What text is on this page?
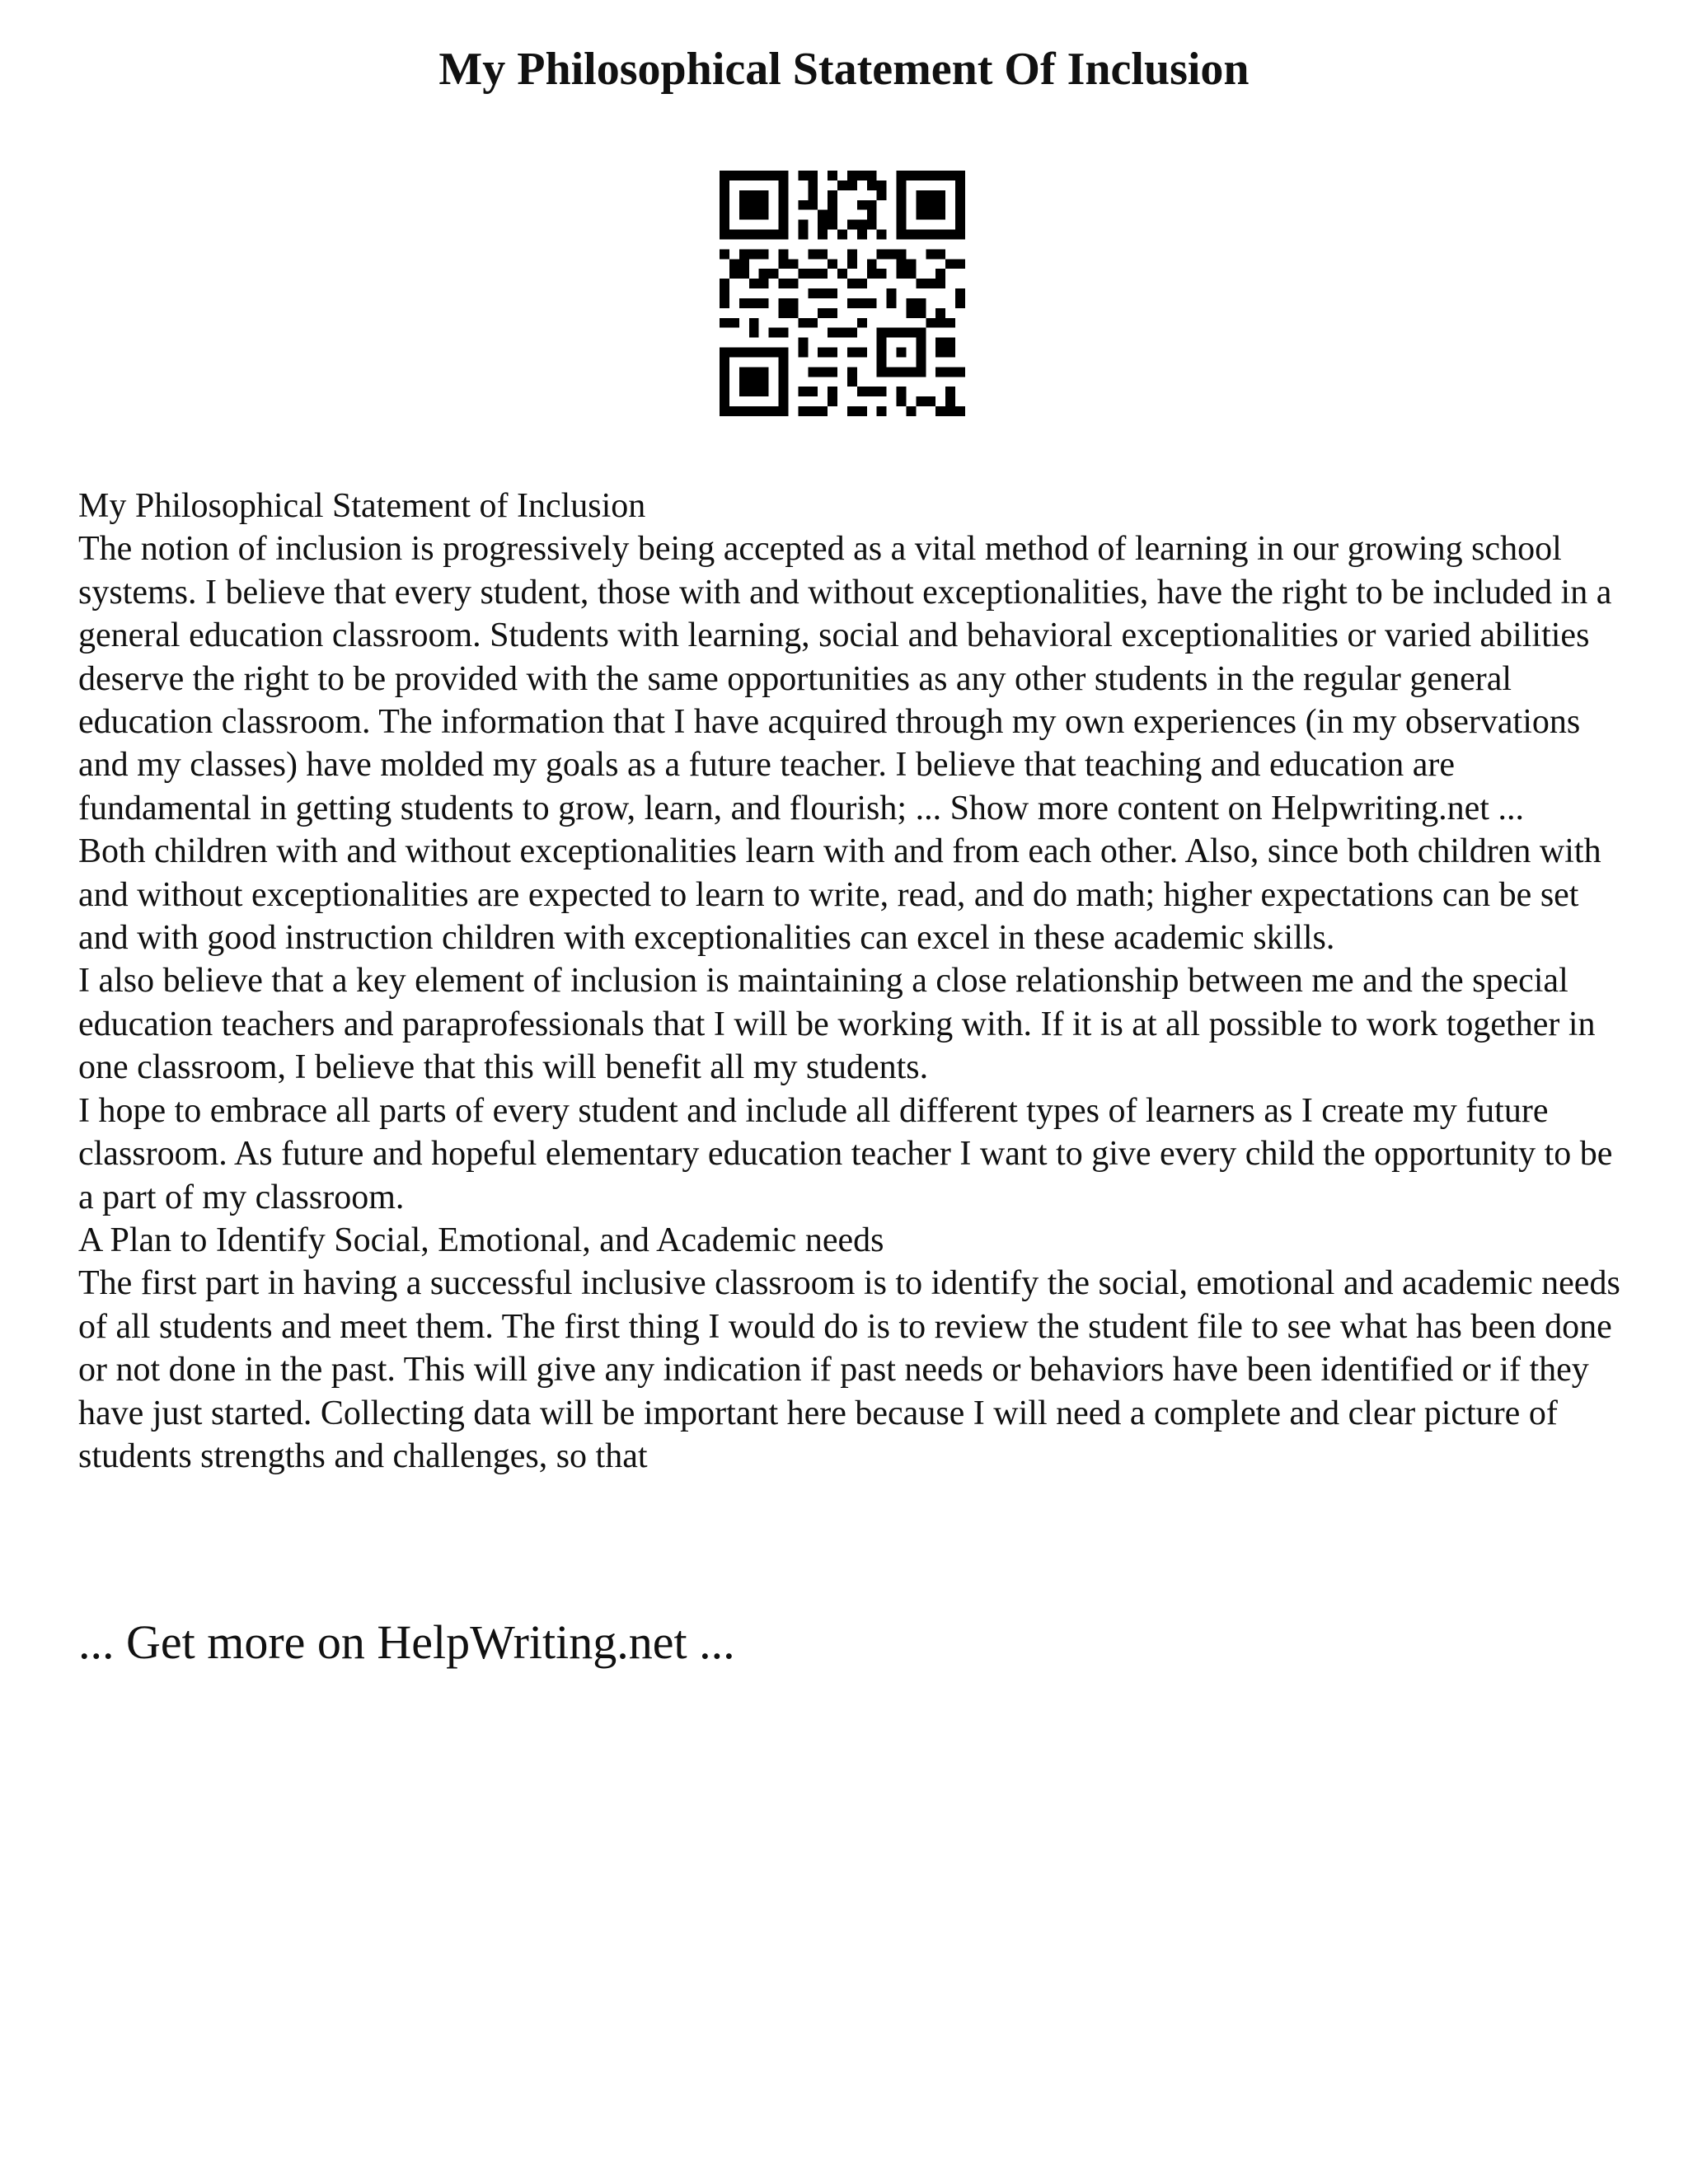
My Philosophical Statement Of Inclusion

My Philosophical Statement of Inclusion

The notion of inclusion is progressively being accepted as a vital method of learning in our growing school systems. I believe that every student, those with and without exceptionalities, have the right to be included in a general education classroom. Students with learning, social and behavioral exceptionalities or varied abilities deserve the right to be provided with the same opportunities as any other students in the regular general education classroom. The information that I have acquired through my own experiences (in my observations and my classes) have molded my goals as a future teacher. I believe that teaching and education are fundamental in getting students to grow, learn, and flourish; ... Show more content on Helpwriting.net ...

Both children with and without exceptionalities learn with and from each other. Also, since both children with and without exceptionalities are expected to learn to write, read, and do math; higher expectations can be set and with good instruction children with exceptionalities can excel in these academic skills.

I also believe that a key element of inclusion is maintaining a close relationship between me and the special education teachers and paraprofessionals that I will be working with. If it is at all possible to work together in one classroom, I believe that this will benefit all my students.

I hope to embrace all parts of every student and include all different types of learners as I create my future classroom. As future and hopeful elementary education teacher I want to give every child the opportunity to be a part of my classroom.

A Plan to Identify Social, Emotional, and Academic needs

The first part in having a successful inclusive classroom is to identify the social, emotional and academic needs of all students and meet them. The first thing I would do is to review the student file to see what has been done or not done in the past. This will give any indication if past needs or behaviors have been identified or if they have just started. Collecting data will be important here because I will need a complete and clear picture of students strengths and challenges, so that

... Get more on HelpWriting.net ...
